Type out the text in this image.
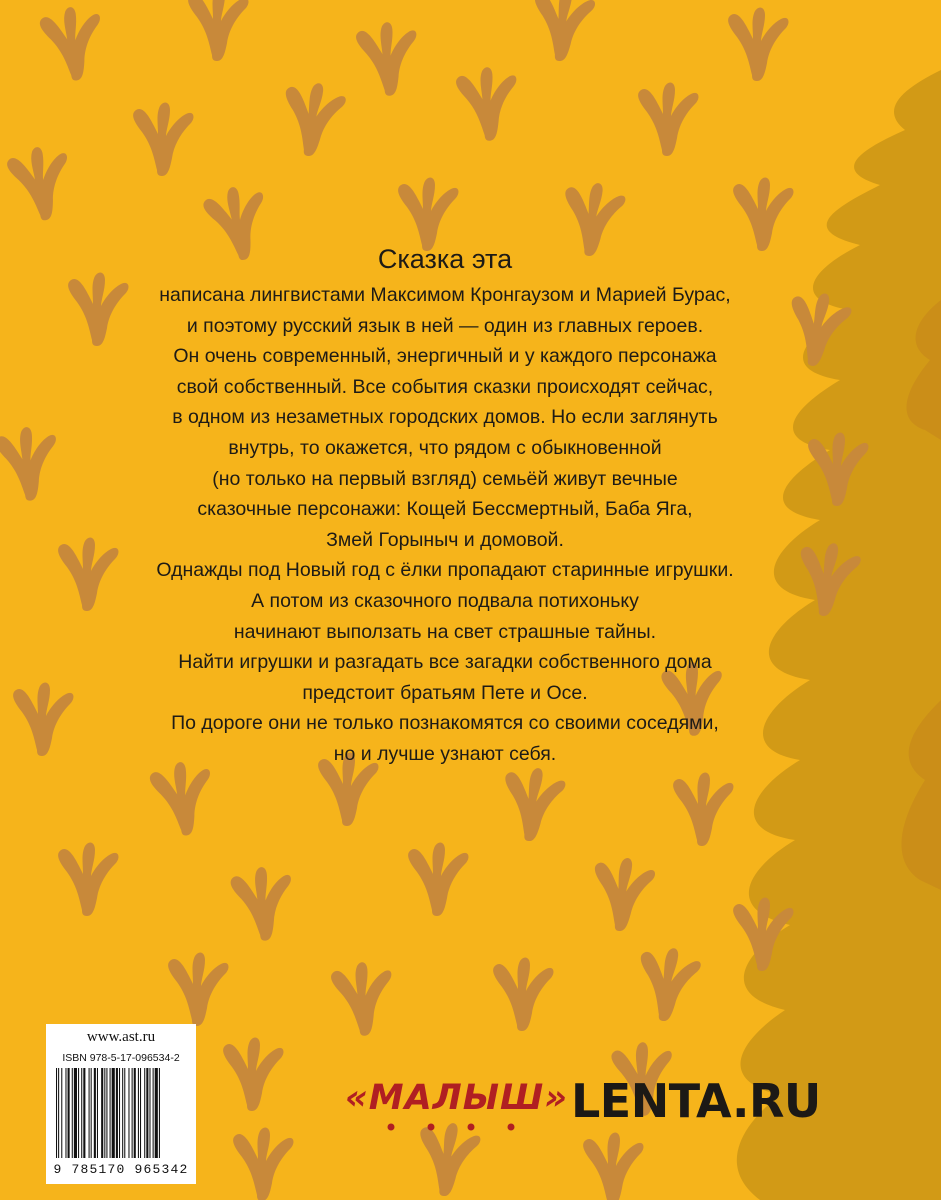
Сказка эта
написана лингвистами Максимом Кронгаузом и Марией Бурас,
и поэтому русский язык в ней — один из главных героев.
Он очень современный, энергичный и у каждого персонажа
свой собственный. Все события сказки происходят сейчас,
в одном из незаметных городских домов. Но если заглянуть
внутрь, то окажется, что рядом с обыкновенной
(но только на первый взгляд) семьёй живут вечные
сказочные персонажи: Кощей Бессмертный, Баба Яга,
Змей Горыныч и домовой.
Однажды под Новый год с ёлки пропадают старинные игрушки.
А потом из сказочного подвала потихоньку
начинают выползать на свет страшные тайны.
Найти игрушки и разгадать все загадки собственного дома
предстоит братьям Пете и Осе.
По дороге они не только познакомятся со своими соседями,
но и лучше узнают себя.
www.ast.ru
ISBN 978-5-17-096534-2
9 785170 965342
«МАЛЫШ» LENTA.RU
